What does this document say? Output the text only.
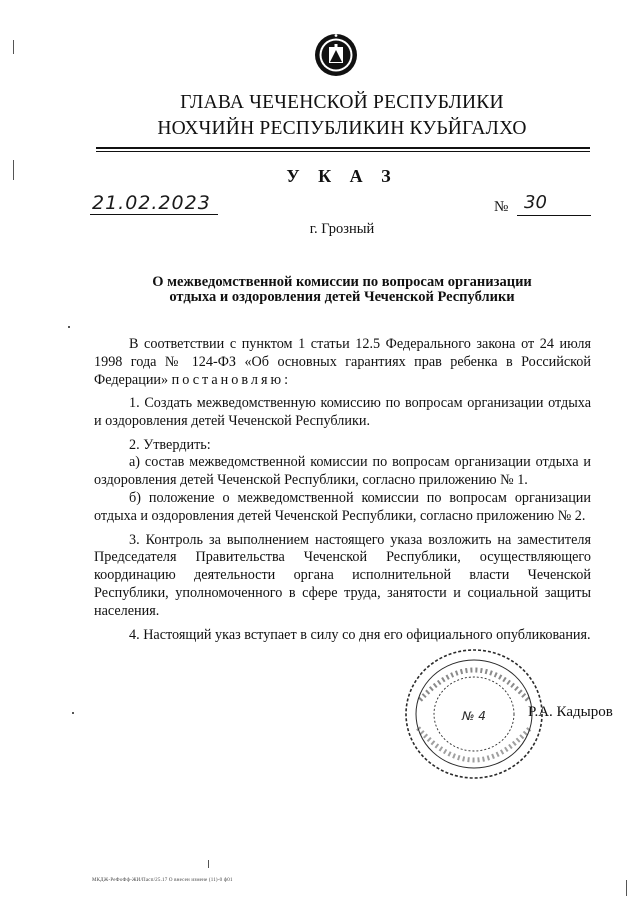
ГЛАВА ЧЕЧЕНСКОЙ РЕСПУБЛИКИ
НОХЧИЙН РЕСПУБЛИКИН КУЬЙГАЛХО
У К А З
21.02.2023	№ 30
г. Грозный
О межведомственной комиссии по вопросам организации
отдыха и оздоровления детей Чеченской Республики

В соответствии с пунктом 1 статьи 12.5 Федерального закона от 24 июля 1998 года № 124-ФЗ «Об основных гарантиях прав ребенка в Российской Федерации» постановляю:

1. Создать межведомственную комиссию по вопросам организации отдыха и оздоровления детей Чеченской Республики.

2. Утвердить:

а) состав межведомственной комиссии по вопросам организации отдыха и оздоровления детей Чеченской Республики, согласно приложению № 1.

б) положение о межведомственной комиссии по вопросам организации отдыха и оздоровления детей Чеченской Республики, согласно приложению № 2.

3. Контроль за выполнением настоящего указа возложить на заместителя Председателя Правительства Чеченской Республики, осуществляющего координацию деятельности органа исполнительной власти Чеченской Республики, уполномоченного в сфере труда, занятости и социальной защиты населения.

4. Настоящий указ вступает в силу со дня его официального опубликования.

№ 4	Р.А. Кадыров
МКДЖ-РеФоФф-ЖИ/Пасп/25.17 О внесен измене (11)-0 ф01
